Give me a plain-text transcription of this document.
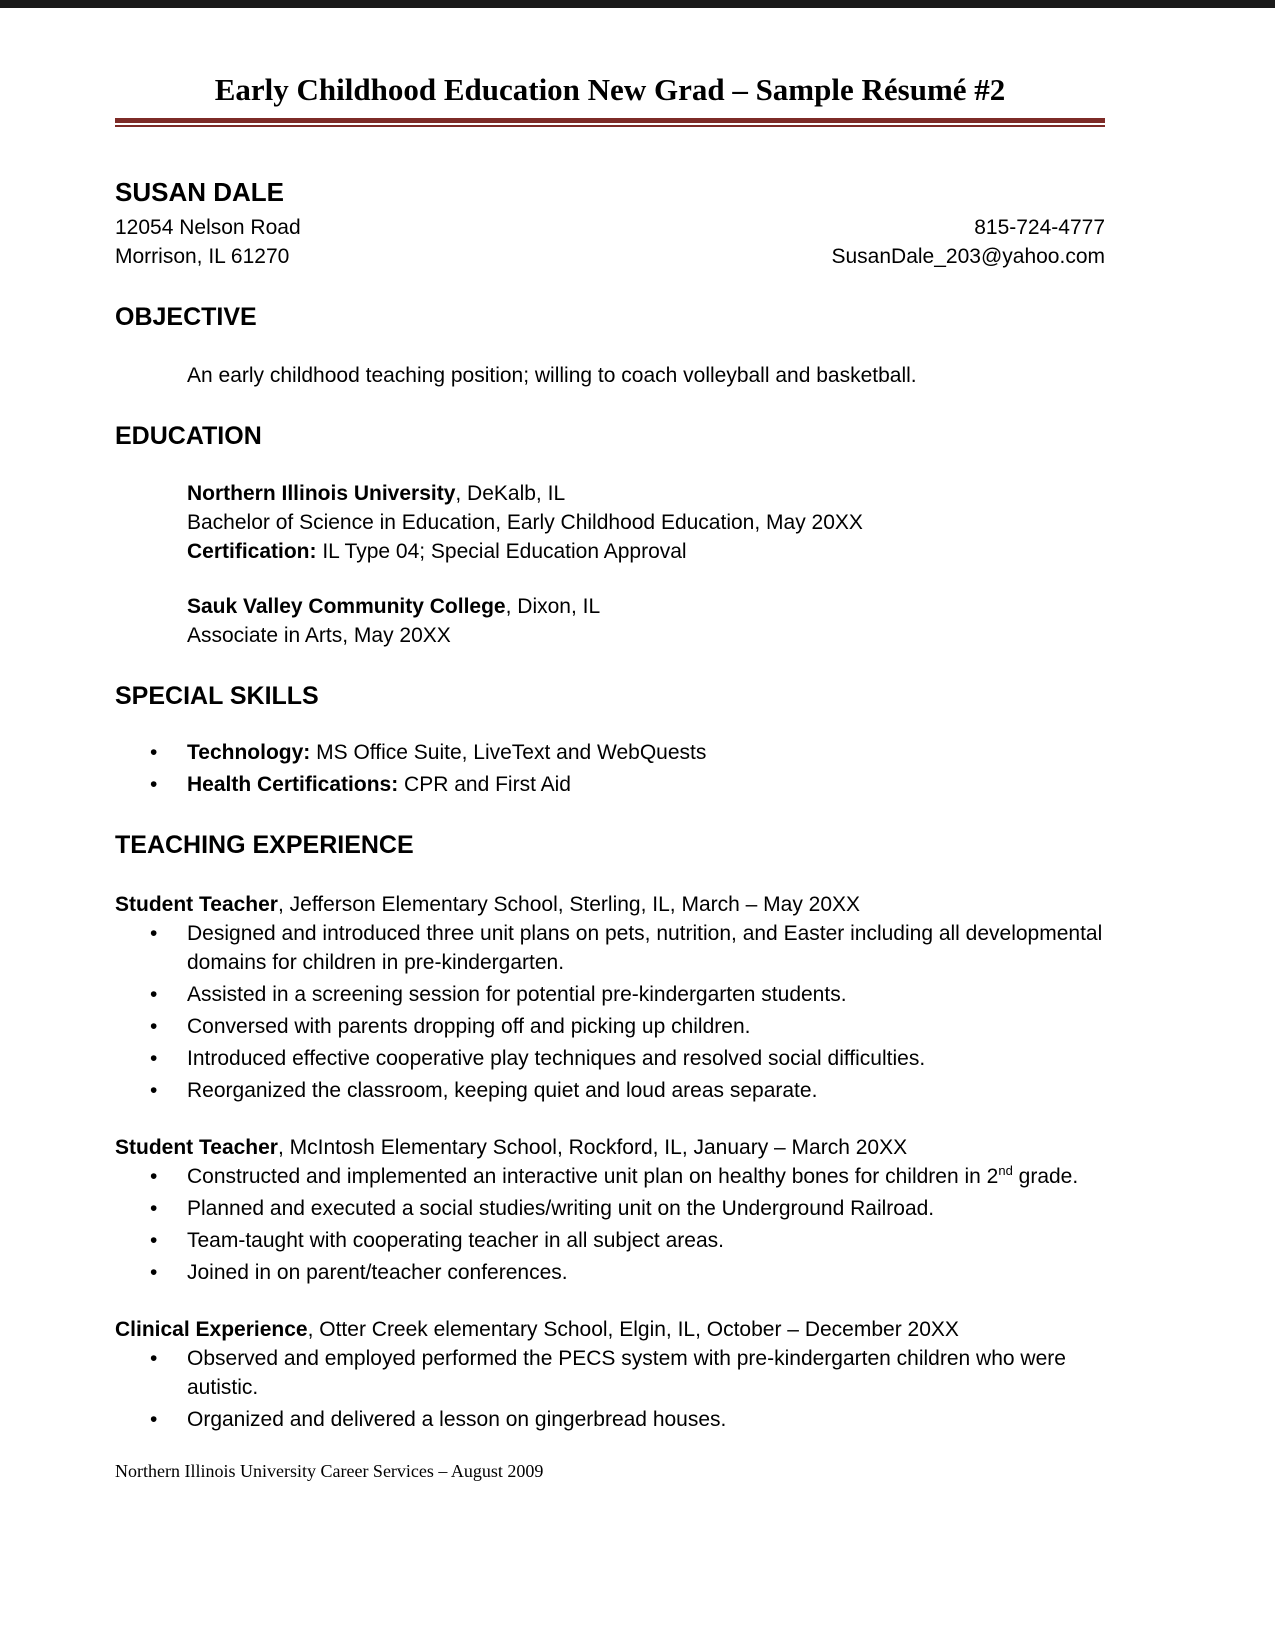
Early Childhood Education New Grad – Sample Résumé #2
SUSAN DALE
12054 Nelson Road	815-724-4777
Morrison, IL 61270	SusanDale_203@yahoo.com
OBJECTIVE

An early childhood teaching position; willing to coach volleyball and basketball.

EDUCATION
Northern Illinois University, DeKalb, IL
Bachelor of Science in Education, Early Childhood Education, May 20XX
Certification: IL Type 04; Special Education Approval
Sauk Valley Community College, Dixon, IL
Associate in Arts, May 20XX
SPECIAL SKILLS
•	Technology: MS Office Suite, LiveText and WebQuests
•	Health Certifications: CPR and First Aid
TEACHING EXPERIENCE
Student Teacher, Jefferson Elementary School, Sterling, IL, March – May 20XX
•	Designed and introduced three unit plans on pets, nutrition, and Easter including all developmental domains for children in pre-kindergarten.
•	Assisted in a screening session for potential pre-kindergarten students.
•	Conversed with parents dropping off and picking up children.
•	Introduced effective cooperative play techniques and resolved social difficulties.
•	Reorganized the classroom, keeping quiet and loud areas separate.
Student Teacher, McIntosh Elementary School, Rockford, IL, January – March 20XX
•	Constructed and implemented an interactive unit plan on healthy bones for children in 2nd grade.
•	Planned and executed a social studies/writing unit on the Underground Railroad.
•	Team-taught with cooperating teacher in all subject areas.
•	Joined in on parent/teacher conferences.
Clinical Experience, Otter Creek elementary School, Elgin, IL, October – December 20XX
•	Observed and employed performed the PECS system with pre-kindergarten children who were autistic.
•	Organized and delivered a lesson on gingerbread houses.
Northern Illinois University Career Services – August 2009
